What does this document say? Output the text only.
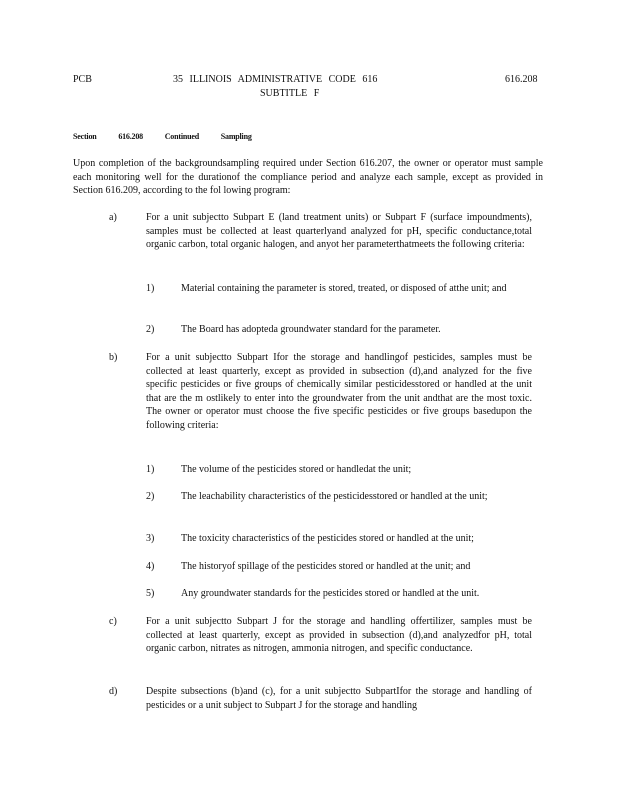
PCB	35 ILLINOIS ADMINISTRATIVE CODE 616
SUBTITLE F
616.208
Section	616.208	Continued	Sampling
Upon completion of the backgroundsampling required under Section 616.207, the owner or operator must sample each monitoring well for the durationof the compliance period and analyze each sample, except as provided in Section 616.209, according to the fol lowing program:
a)	For a unit subjectto Subpart E (land treatment units) or Subpart F (surface impoundments), samples must be collected at least quarterlyand analyzed for pH, specific conductance,total organic carbon, total organic halogen, and anyot her parameterthatmeets the following criteria:
1)	Material containing the parameter is stored, treated, or disposed of atthe unit; and
2)	The Board has adopteda groundwater standard for the parameter.
b)	For a unit subjectto Subpart Ifor the storage and handlingof pesticides, samples must be collected at least quarterly, except as provided in subsection (d),and analyzed for the five specific pesticides or five groups of chemically similar pesticidesstored or handled at the unit that are the m ostlikely to enter into the groundwater from the unit andthat are the most toxic. The owner or operator must choose the five specific pesticides or five groups basedupon the following criteria:
1)	The volume of the pesticides stored or handledat the unit;
2)	The leachability characteristics of the pesticidesstored or handled at the unit;
3)	The toxicity characteristics of the pesticides stored or handled at the unit;
4)	The historyof spillage of the pesticides stored or handled at the unit; and
5)	Any groundwater standards for the pesticides stored or handled at the unit.
c)	For a unit subjectto Subpart J for the storage and handling offertilizer, samples must be collected at least quarterly, except as provided in subsection (d),and analyzedfor pH, total organic carbon, nitrates as nitrogen, ammonia nitrogen, and specific conductance.
d)	Despite subsections (b)and (c), for a unit subjectto SubpartIfor the storage and handling of pesticides or a unit subject to Subpart J for the storage and handling
